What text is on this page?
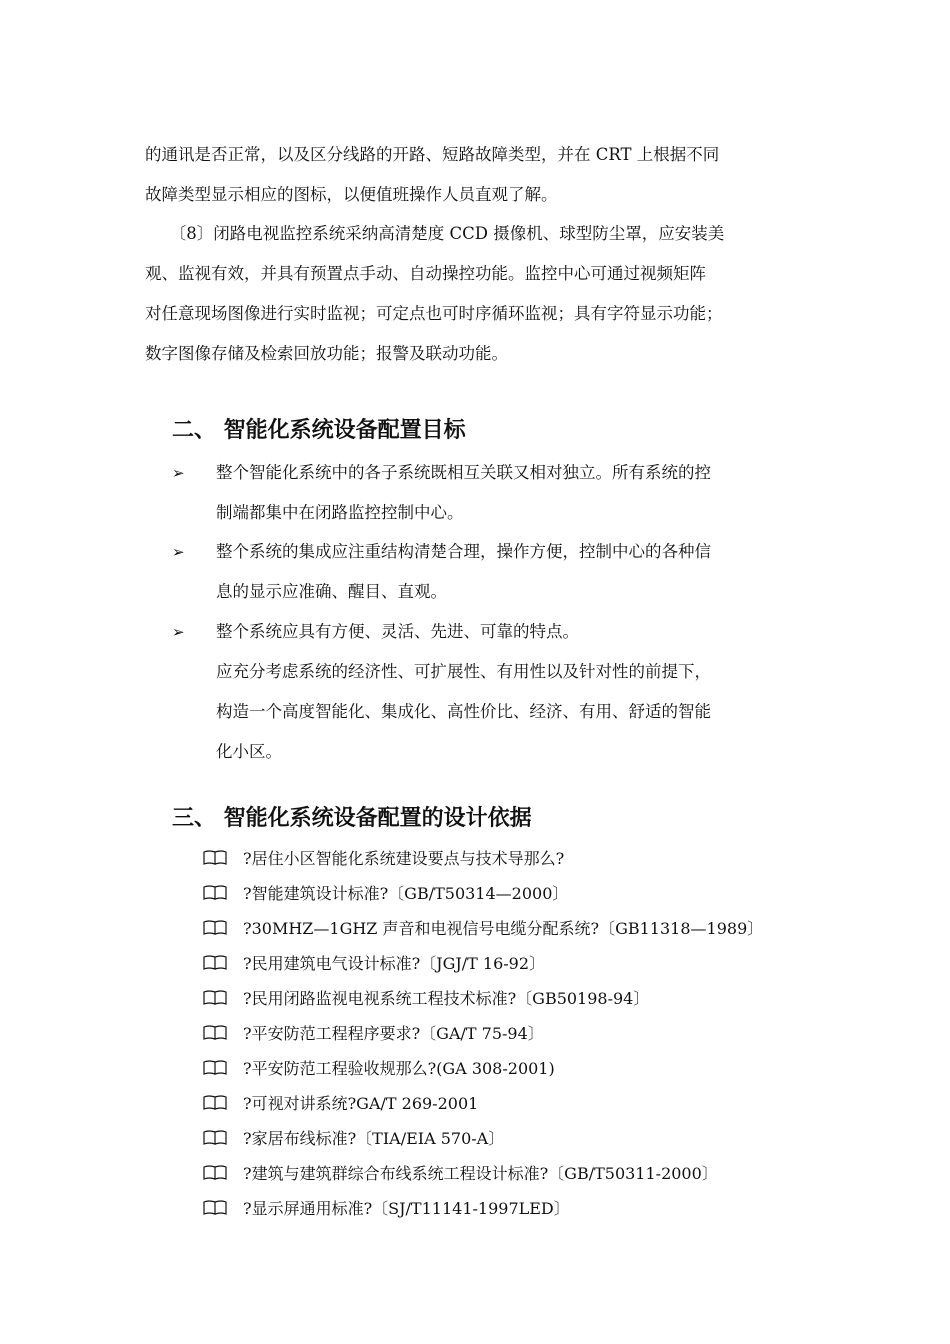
的通讯是否正常，以及区分线路的开路、短路故障类型，并在 CRT 上根据不同
故障类型显示相应的图标，以便值班操作人员直观了解。
　　〔8〕闭路电视监控系统采纳高清楚度 CCD 摄像机、球型防尘罩，应安装美
观、监视有效，并具有预置点手动、自动操控功能。监控中心可通过视频矩阵
对任意现场图像进行实时监视；可定点也可时序循环监视；具有字符显示功能；
数字图像存储及检索回放功能；报警及联动功能。
二、 智能化系统设备配置目标
➢	整个智能化系统中的各子系统既相互关联又相对独立。所有系统的控
制端都集中在闭路监控控制中心。
➢	整个系统的集成应注重结构清楚合理，操作方便，控制中心的各种信
息的显示应准确、醒目、直观。
➢	整个系统应具有方便、灵活、先进、可靠的特点。
应充分考虑系统的经济性、可扩展性、有用性以及针对性的前提下，
构造一个高度智能化、集成化、高性价比、经济、有用、舒适的智能
化小区。
三、 智能化系统设备配置的设计依据
?居住小区智能化系统建设要点与技术导那么?
?智能建筑设计标准?〔GB/T50314—2000〕
?30MHZ—1GHZ 声音和电视信号电缆分配系统?〔GB11318—1989〕
?民用建筑电气设计标准?〔JGJ/T 16-92〕
?民用闭路监视电视系统工程技术标准?〔GB50198-94〕
?平安防范工程程序要求?〔GA/T 75-94〕
?平安防范工程验收规那么?(GA 308-2001)
?可视对讲系统?GA/T 269-2001
?家居布线标准?〔TIA/EIA 570-A〕
?建筑与建筑群综合布线系统工程设计标准?〔GB/T50311-2000〕
?显示屏通用标准?〔SJ/T11141-1997LED〕
